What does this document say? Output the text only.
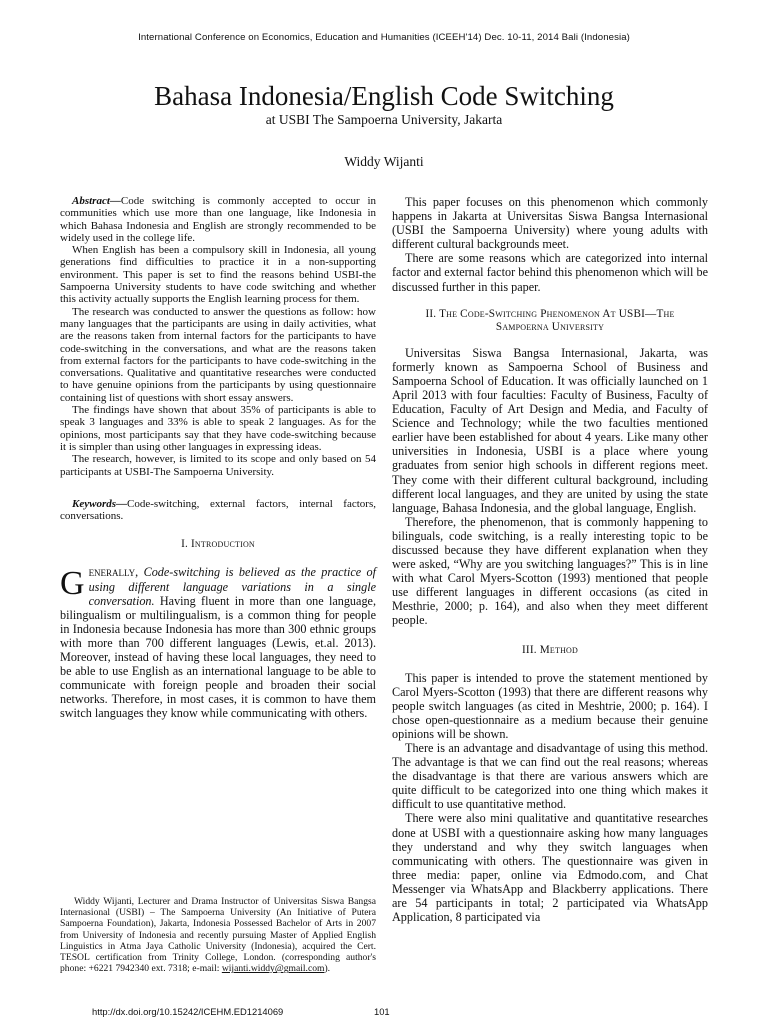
International Conference on Economics, Education and Humanities (ICEEH'14) Dec. 10-11, 2014 Bali (Indonesia)
Bahasa Indonesia/English Code Switching
at USBI The Sampoerna University, Jakarta
Widdy Wijanti

Abstract—Code switching is commonly accepted to occur in communities which use more than one language, like Indonesia in which Bahasa Indonesia and English are strongly recommended to be widely used in the college life.

When English has been a compulsory skill in Indonesia, all young generations find difficulties to practice it in a non-supporting environment. This paper is set to find the reasons behind USBI-the Sampoerna University students to have code switching and whether this activity actually supports the English learning process for them.

The research was conducted to answer the questions as follow: how many languages that the participants are using in daily activities, what are the reasons taken from internal factors for the participants to have code-switching in the conversations, and what are the reasons taken from external factors for the participants to have code-switching in the conversations. Qualitative and quantitative researches were conducted to have genuine opinions from the participants by using questionnaire containing list of questions with short essay answers.

The findings have shown that about 35% of participants is able to speak 3 languages and 33% is able to speak 2 languages. As for the opinions, most participants say that they have code-switching because it is simpler than using other languages in expressing ideas.

The research, however, is limited to its scope and only based on 54 participants at USBI-The Sampoerna University.

Keywords—Code-switching, external factors, internal factors, conversations.
I. Introduction

Generally, Code-switching is believed as the practice of using different language variations in a single conversation. Having fluent in more than one language, bilingualism or multilingualism, is a common thing for people in Indonesia because Indonesia has more than 300 ethnic groups with more than 700 different languages (Lewis, et.al. 2013). Moreover, instead of having these local languages, they need to be able to use English as an international language to be able to communicate with foreign people and broaden their social networks. Therefore, in most cases, it is common to have them switch languages they know while communicating with others.

Widdy Wijanti, Lecturer and Drama Instructor of Universitas Siswa Bangsa Internasional (USBI) – The Sampoerna University (An Initiative of Putera Sampoerna Foundation), Jakarta, Indonesia Possessed Bachelor of Arts in 2007 from University of Indonesia and recently pursuing Master of Applied English Linguistics in Atma Jaya Catholic University (Indonesia), acquired the Cert. TESOL certification from Trinity College, London. (corresponding author's phone: +6221 7942340 ext. 7318; e-mail: wijanti.widdy@gmail.com).

This paper focuses on this phenomenon which commonly happens in Jakarta at Universitas Siswa Bangsa Internasional (USBI the Sampoerna University) where young adults with different cultural backgrounds meet.

There are some reasons which are categorized into internal factor and external factor behind this phenomenon which will be discussed further in this paper.

II. The Code-Switching Phenomenon At USBI—The
Sampoerna University

Universitas Siswa Bangsa Internasional, Jakarta, was formerly known as Sampoerna School of Business and Sampoerna School of Education. It was officially launched on 1 April 2013 with four faculties: Faculty of Business, Faculty of Education, Faculty of Art Design and Media, and Faculty of Science and Technology; while the two faculties mentioned earlier have been established for about 4 years. Like many other universities in Indonesia, USBI is a place where young graduates from senior high schools in different regions meet. They come with their different cultural background, including different local languages, and they are united by using the state language, Bahasa Indonesia, and the global language, English.

Therefore, the phenomenon, that is commonly happening to bilinguals, code switching, is a really interesting topic to be discussed because they have different explanation when they were asked, “Why are you switching languages?” This is in line with what Carol Myers-Scotton (1993) mentioned that people use different languages in different occasions (as cited in Mesthrie, 2000; p. 164), and also when they meet different people.

III. Method

This paper is intended to prove the statement mentioned by Carol Myers-Scotton (1993) that there are different reasons why people switch languages (as cited in Meshtrie, 2000; p. 164). I chose open-questionnaire as a medium because their genuine opinions will be shown.

There is an advantage and disadvantage of using this method. The advantage is that we can find out the real reasons; whereas the disadvantage is that there are various answers which are quite difficult to be categorized into one thing which makes it difficult to use quantitative method.

There were also mini qualitative and quantitative researches done at USBI with a questionnaire asking how many languages they understand and why they switch languages when communicating with others. The questionnaire was given in three media: paper, online via Edmodo.com, and Chat Messenger via WhatsApp and Blackberry applications. There are 54 participants in total; 2 participated via WhatsApp Application, 8 participated via

http://dx.doi.org/10.15242/ICEHM.ED1214069	101
